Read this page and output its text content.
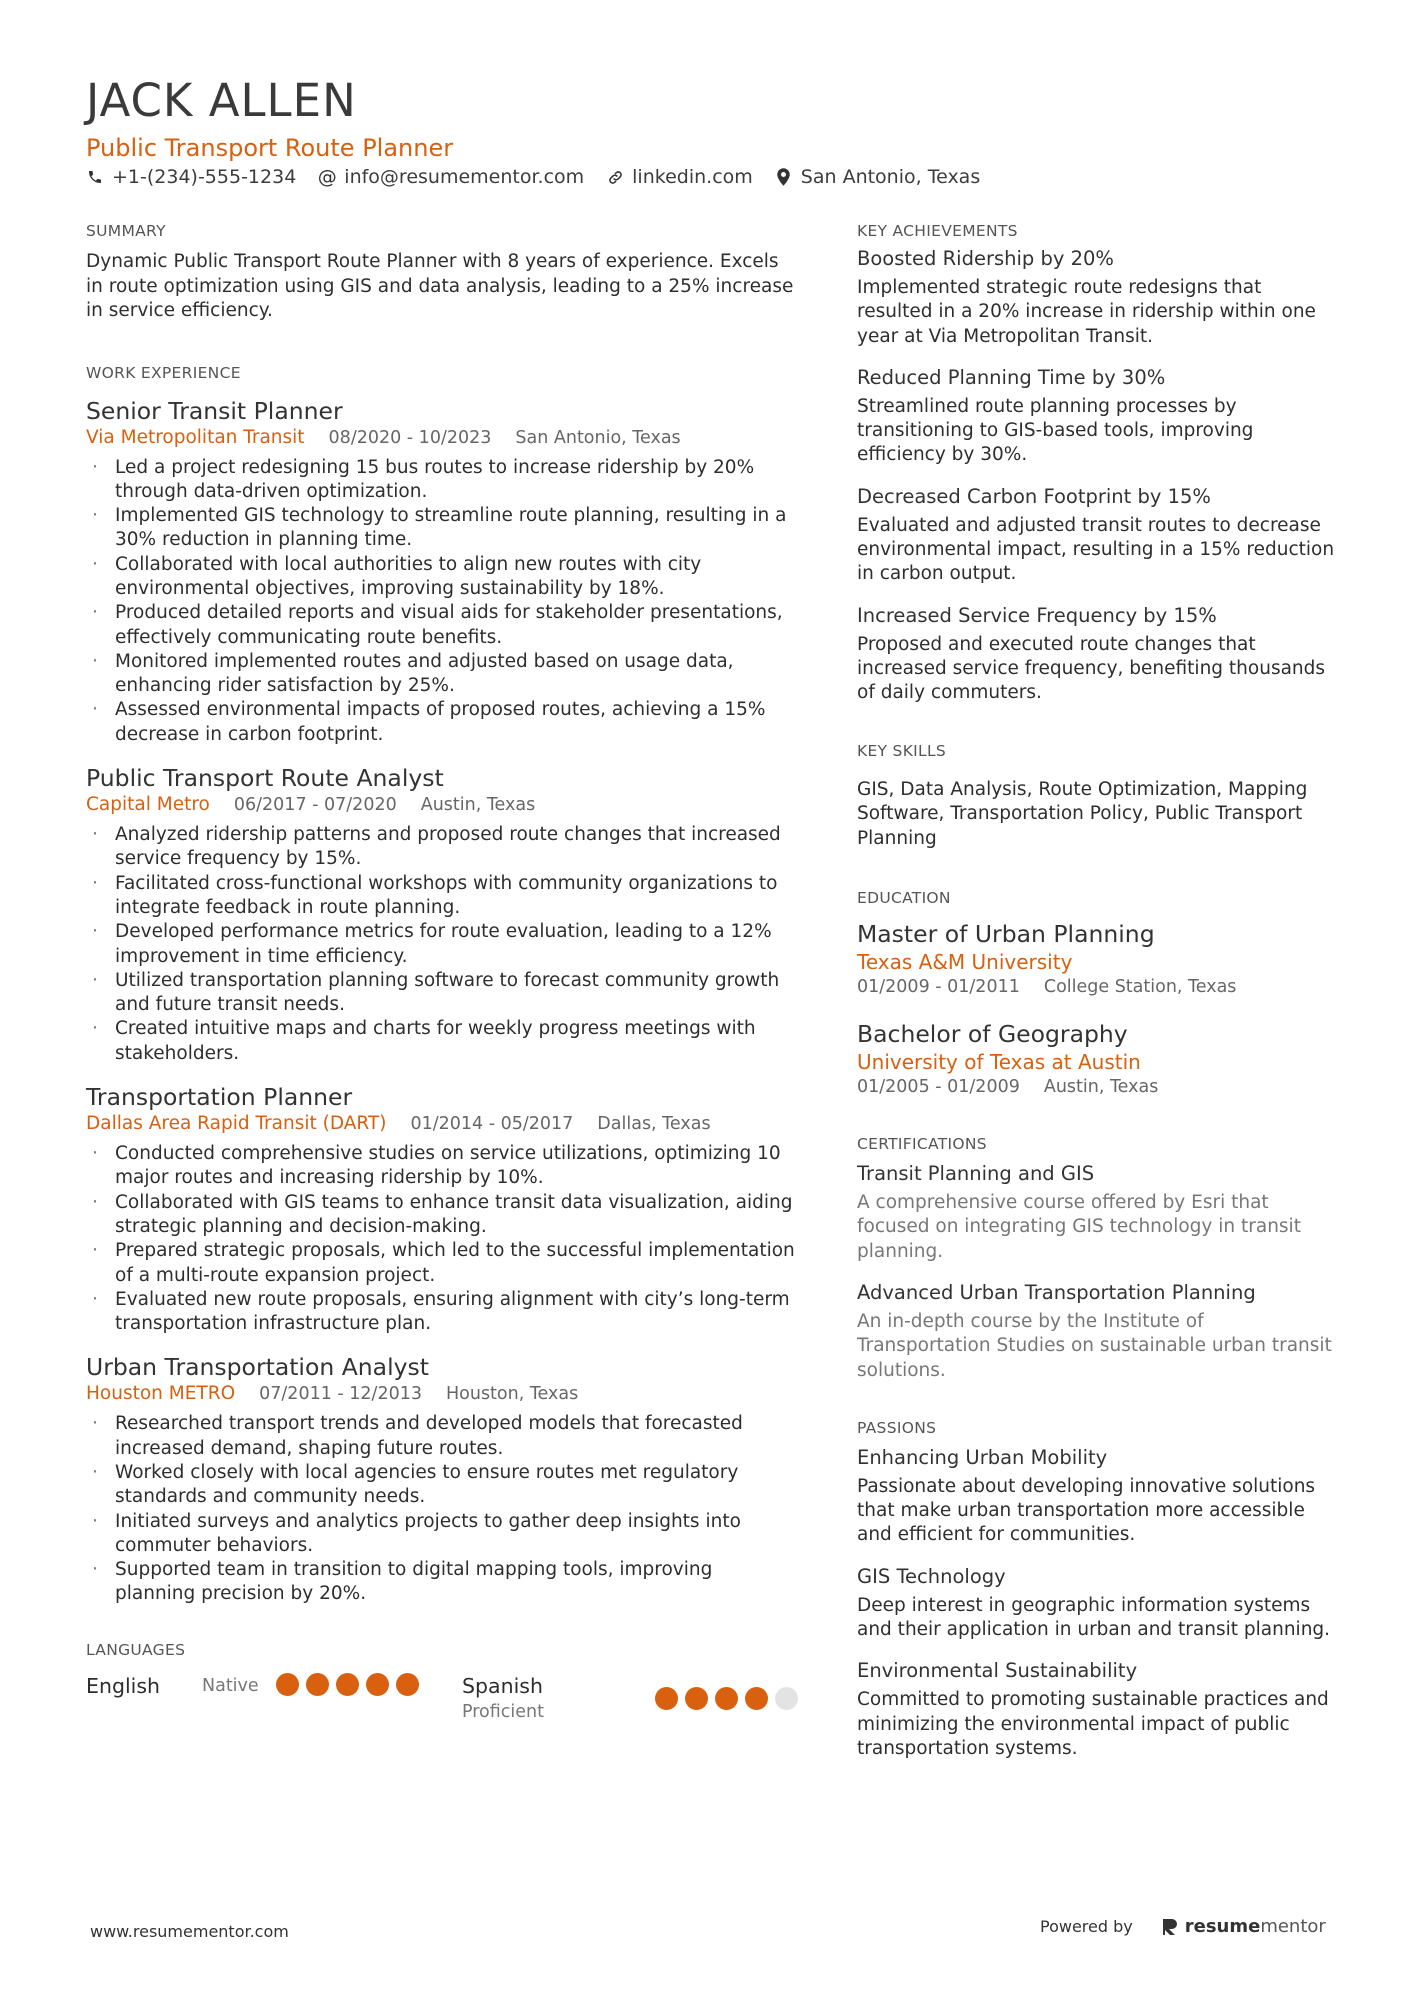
JACK ALLEN
Public Transport Route Planner
+1-(234)-555-1234 @ info@resumementor.com	linkedin.com	San Antonio, Texas
SUMMARY
Dynamic Public Transport Route Planner with 8 years of experience. Excels in route optimization using GIS and data analysis, leading to a 25% increase in service efficiency.
WORK EXPERIENCE
Senior Transit Planner
Via Metropolitan Transit 08/2020 - 10/2023 San Antonio, Texas
· Led a project redesigning 15 bus routes to increase ridership by 20% through data-driven optimization.
· Implemented GIS technology to streamline route planning, resulting in a 30% reduction in planning time.
· Collaborated with local authorities to align new routes with city environmental objectives, improving sustainability by 18%.
· Produced detailed reports and visual aids for stakeholder presentations, effectively communicating route benefits.
· Monitored implemented routes and adjusted based on usage data, enhancing rider satisfaction by 25%.
· Assessed environmental impacts of proposed routes, achieving a 15% decrease in carbon footprint.
Public Transport Route Analyst
Capital Metro 06/2017 - 07/2020 Austin, Texas
· Analyzed ridership patterns and proposed route changes that increased service frequency by 15%.
· Facilitated cross-functional workshops with community organizations to integrate feedback in route planning.
· Developed performance metrics for route evaluation, leading to a 12% improvement in time efficiency.
· Utilized transportation planning software to forecast community growth and future transit needs.
· Created intuitive maps and charts for weekly progress meetings with stakeholders.
Transportation Planner
Dallas Area Rapid Transit (DART) 01/2014 - 05/2017 Dallas, Texas
· Conducted comprehensive studies on service utilizations, optimizing 10 major routes and increasing ridership by 10%.
· Collaborated with GIS teams to enhance transit data visualization, aiding strategic planning and decision-making.
· Prepared strategic proposals, which led to the successful implementation of a multi-route expansion project.
· Evaluated new route proposals, ensuring alignment with city’s long-term transportation infrastructure plan.
Urban Transportation Analyst
Houston METRO 07/2011 - 12/2013 Houston, Texas
· Researched transport trends and developed models that forecasted increased demand, shaping future routes.
· Worked closely with local agencies to ensure routes met regulatory standards and community needs.
· Initiated surveys and analytics projects to gather deep insights into commuter behaviors.
· Supported team in transition to digital mapping tools, improving planning precision by 20%.
LANGUAGES
English	Native	Spanish
Proficient
KEY ACHIEVEMENTS
Boosted Ridership by 20%
Implemented strategic route redesigns that resulted in a 20% increase in ridership within one year at Via Metropolitan Transit.
Reduced Planning Time by 30%
Streamlined route planning processes by transitioning to GIS-based tools, improving efficiency by 30%.
Decreased Carbon Footprint by 15%
Evaluated and adjusted transit routes to decrease environmental impact, resulting in a 15% reduction in carbon output.
Increased Service Frequency by 15%
Proposed and executed route changes that increased service frequency, benefiting thousands of daily commuters.
KEY SKILLS
GIS, Data Analysis, Route Optimization, Mapping Software, Transportation Policy, Public Transport Planning
EDUCATION
Master of Urban Planning
Texas A&M University
01/2009 - 01/2011 College Station, Texas
Bachelor of Geography
University of Texas at Austin
01/2005 - 01/2009 Austin, Texas
CERTIFICATIONS
Transit Planning and GIS
A comprehensive course offered by Esri that focused on integrating GIS technology in transit planning.
Advanced Urban Transportation Planning
An in-depth course by the Institute of Transportation Studies on sustainable urban transit solutions.
PASSIONS
Enhancing Urban Mobility
Passionate about developing innovative solutions that make urban transportation more accessible and efficient for communities.
GIS Technology
Deep interest in geographic information systems and their application in urban and transit planning.
Environmental Sustainability
Committed to promoting sustainable practices and minimizing the environmental impact of public transportation systems.
www.resumementor.com	Powered by	resume mentor
